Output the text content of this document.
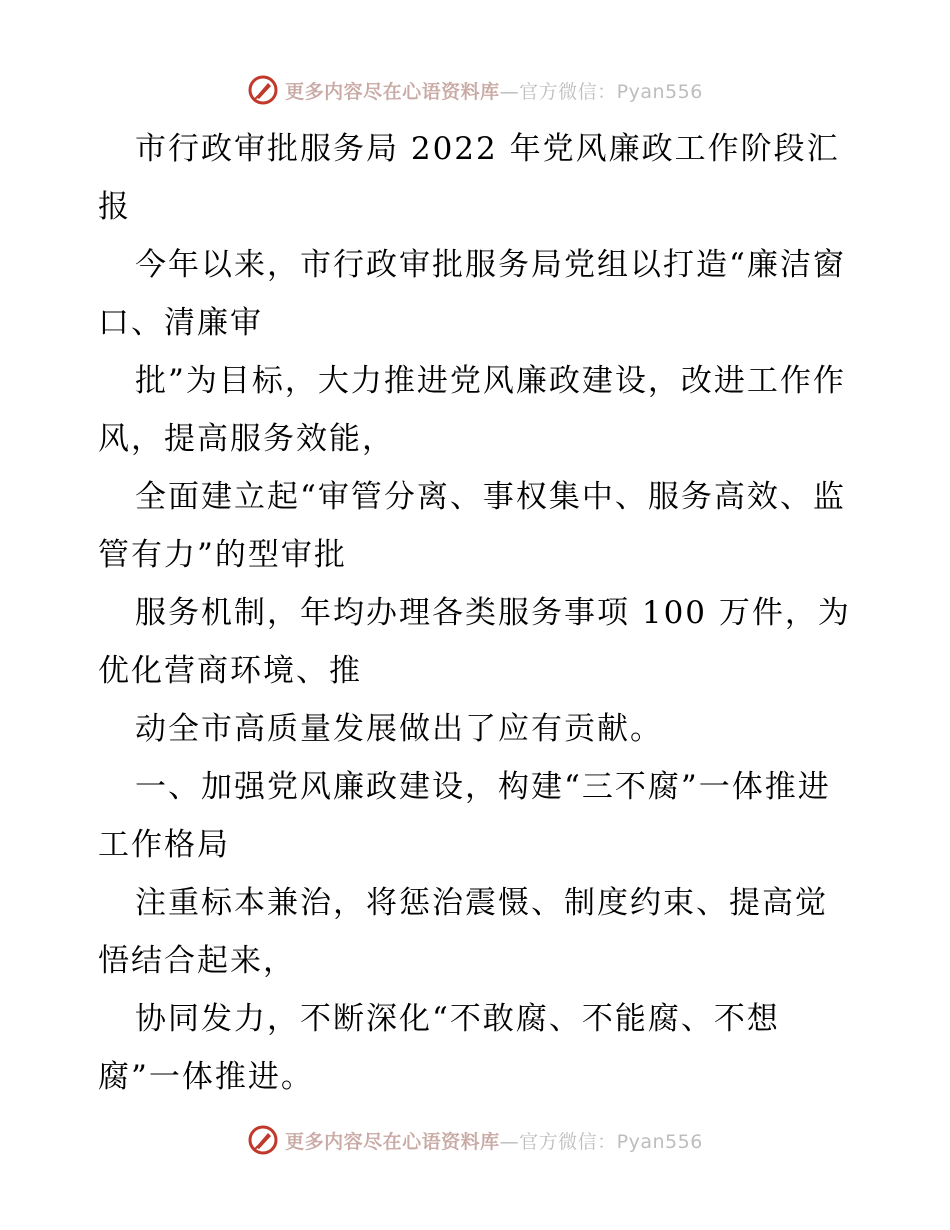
更多内容尽在心语资料库—官方微信：Pyan556

市行政审批服务局 2022 年党风廉政工作阶段汇报

今年以来，市行政审批服务局党组以打造“廉洁窗口、清廉审

批”为目标，大力推进党风廉政建设，改进工作作风，提高服务效能，

全面建立起“审管分离、事权集中、服务高效、监管有力”的型审批

服务机制，年均办理各类服务事项 100 万件，为优化营商环境、推

动全市高质量发展做出了应有贡献。

一、加强党风廉政建设，构建“三不腐”一体推进工作格局

注重标本兼治，将惩治震慑、制度约束、提高觉悟结合起来，

协同发力，不断深化“不敢腐、不能腐、不想腐”一体推进。

更多内容尽在心语资料库—官方微信：Pyan556
